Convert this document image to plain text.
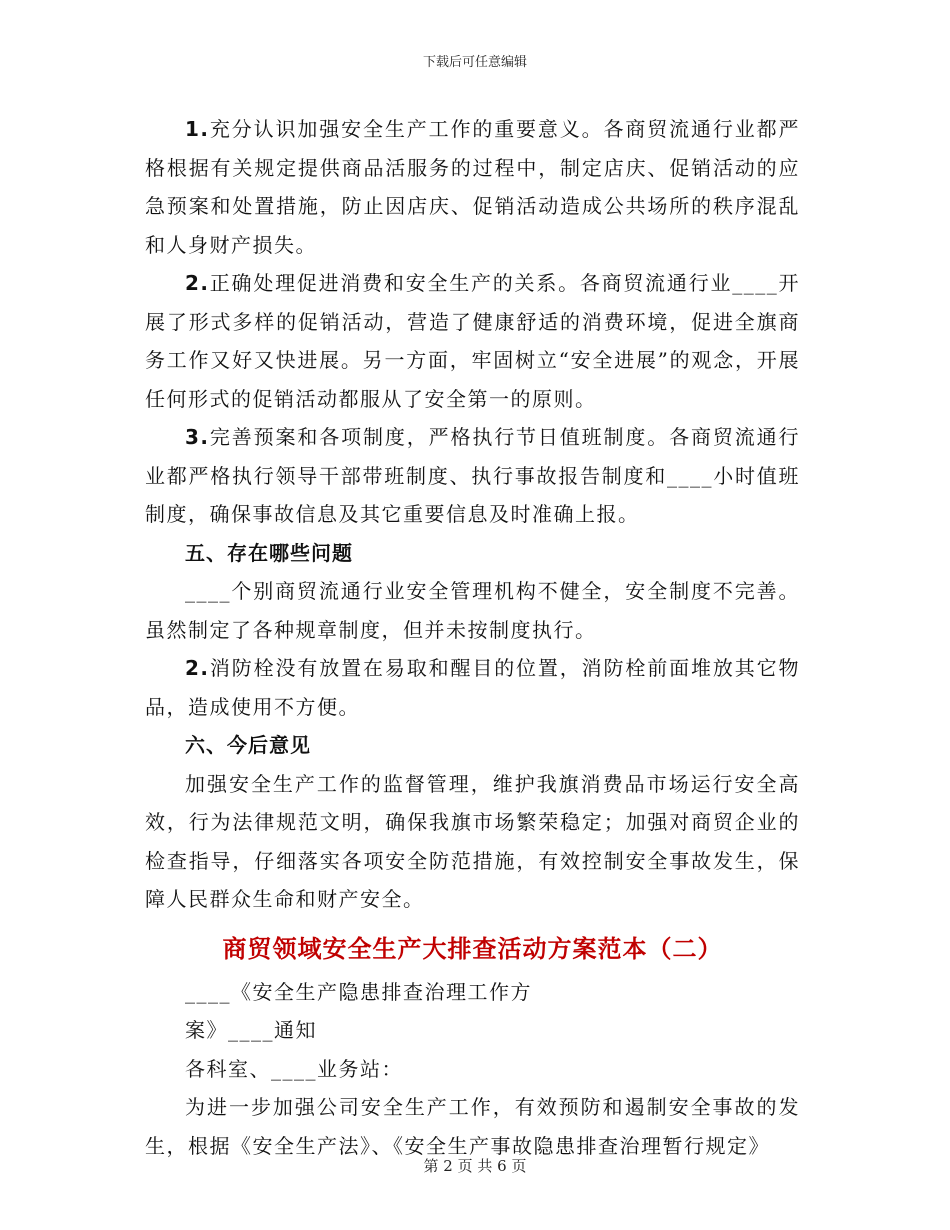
下载后可任意编辑

1.充分认识加强安全生产工作的重要意义。各商贸流通行业都严格根据有关规定提供商品活服务的过程中，制定店庆、促销活动的应急预案和处置措施，防止因店庆、促销活动造成公共场所的秩序混乱和人身财产损失。

2.正确处理促进消费和安全生产的关系。各商贸流通行业____开展了形式多样的促销活动，营造了健康舒适的消费环境，促进全旗商务工作又好又快进展。另一方面，牢固树立“安全进展”的观念，开展任何形式的促销活动都服从了安全第一的原则。

3.完善预案和各项制度，严格执行节日值班制度。各商贸流通行业都严格执行领导干部带班制度、执行事故报告制度和____小时值班制度，确保事故信息及其它重要信息及时准确上报。

五、存在哪些问题

____个别商贸流通行业安全管理机构不健全，安全制度不完善。虽然制定了各种规章制度，但并未按制度执行。

2.消防栓没有放置在易取和醒目的位置，消防栓前面堆放其它物品，造成使用不方便。

六、今后意见

加强安全生产工作的监督管理，维护我旗消费品市场运行安全高效，行为法律规范文明，确保我旗市场繁荣稳定；加强对商贸企业的检查指导，仔细落实各项安全防范措施，有效控制安全事故发生，保障人民群众生命和财产安全。

商贸领域安全生产大排查活动方案范本（二）

____《安全生产隐患排查治理工作方

案》____通知

各科室、____业务站：

为进一步加强公司安全生产工作，有效预防和遏制安全事故的发生，根据《安全生产法》、《安全生产事故隐患排查治理暂行规定》

第 2 页 共 6 页
